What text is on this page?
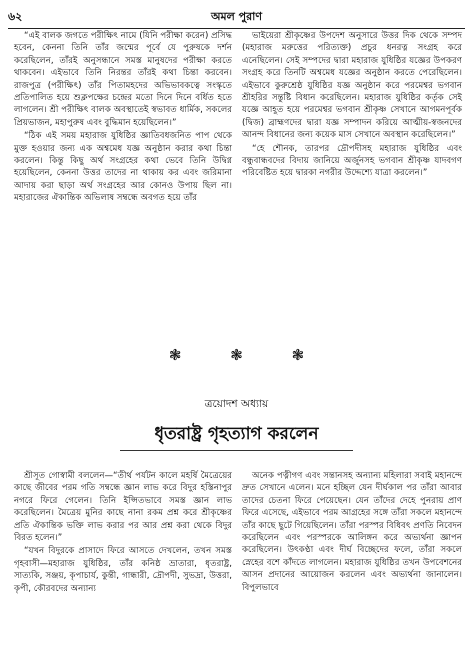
৬২	অমল পুরাণ

“এই বালক জগতে পরীক্ষিৎ নামে (যিনি পরীক্ষা করেন) প্রসিদ্ধ হবেন, কেননা তিনি তাঁর জন্মের পূর্বে যে পুরুষকে দর্শন করেছিলেন, তাঁরই অনুসন্ধানে সমস্ত মানুষদের পরীক্ষা করতে থাকবেন। এইভাবে তিনি নিরন্তর তাঁরই কথা চিন্তা করবেন। রাজপুত্র (পরীক্ষিৎ) তাঁর পিতামহদের অভিভাবকত্বে সংস্কৃতে প্রতিপালিত হয়ে শুক্লপক্ষের চন্দ্রের মতো দিনে দিনে বর্ধিত হতে লাগলেন। শ্রী পরীক্ষিৎ বালক অবস্থাতেই স্বভাবত ধার্মিক, সকলের প্রিয়ভাজন, মহাপুরুষ এবং বুদ্ধিমান হয়েছিলেন।”

“ঠিক এই সময় মহারাজ যুধিষ্ঠির জ্ঞাতিবধজনিত পাপ থেকে মুক্ত হওয়ার জন্য এক অশ্বমেধ যজ্ঞ অনুষ্ঠান করার কথা চিন্তা করলেন। কিন্তু কিছু অর্থ সংগ্রহের কথা ভেবে তিনি উদ্বিগ্ন হয়েছিলেন, কেননা উত্তর তাদের না থাকায় কর এবং জরিমানা আদায় করা ছাড়া অর্থ সংগ্রহের আর কোনও উপায় ছিল না। মহারাজের ঐকান্তিক অভিলাষ সম্বন্ধে অবগত হয়ে তাঁর

ভাইয়েরা শ্রীকৃষ্ণের উপদেশ অনুসারে উত্তর দিক থেকে সম্পদ (মহারাজ মরুত্তের পরিত্যক্ত) প্রচুর ধনরত্ন সংগ্রহ করে এনেছিলেন। সেই সম্পদের দ্বারা মহারাজ যুধিষ্ঠির যজ্ঞের উপকরণ সংগ্রহ করে তিনটি অশ্বমেধ যজ্ঞের অনুষ্ঠান করতে পেরেছিলেন। এইভাবে কুরুশ্রেষ্ঠ যুধিষ্ঠির যজ্ঞ অনুষ্ঠান করে পরমেশ্বর ভগবান শ্রীহরির সন্তুষ্টি বিধান করেছিলেন। মহারাজ যুধিষ্ঠির কর্তৃক সেই যজ্ঞে আহূত হয়ে পরমেশ্বর ভগবান শ্রীকৃষ্ণ সেখানে আগমনপূর্বক (দ্বিজ) ব্রাহ্মণদের দ্বারা যজ্ঞ সম্পাদন করিয়ে আত্মীয়-স্বজনদের আনন্দ বিধানের জন্য কয়েক মাস সেখানে অবস্থান করেছিলেন।”

“হে শৌনক, তারপর দ্রৌপদীসহ মহারাজ যুধিষ্ঠির এবং বন্ধুবান্ধবদের বিদায় জানিয়ে অর্জুনসহ ভগবান শ্রীকৃষ্ণ যাদবগণ পরিবেষ্টিত হয়ে দ্বারকা নগরীর উদ্দেশ্যে যাত্রা করলেন।”

❃	❃	❃
ত্রয়োদশ অধ্যায়
ধৃতরাষ্ট্র গৃহত্যাগ করলেন

শ্রীসূত গোস্বামী বললেন—“তীর্থ পর্যটন কালে মহর্ষি মৈত্রেয়ের কাছে জীবের পরম গতি সম্বন্ধে জ্ঞান লাভ করে বিদুর হস্তিনাপুর নগরে ফিরে গেলেন। তিনি ইপ্সিতভাবে সমস্ত জ্ঞান লাভ করেছিলেন। মৈত্রেয় মুনির কাছে নানা রকম প্রশ্ন করে শ্রীকৃষ্ণের প্রতি ঐকান্তিক ভক্তি লাভ করার পর আর প্রশ্ন করা থেকে বিদুর বিরত হলেন।”

“যখন বিদুরকে প্রাসাদে ফিরে আসতে দেখলেন, তখন সমস্ত গৃহবাসী—মহারাজ যুধিষ্ঠির, তাঁর কনিষ্ঠ ভ্রাতারা, ধৃতরাষ্ট্র, সাত্যকি, সঞ্জয়, কৃপাচার্য, কুন্তী, গান্ধারী, দ্রৌপদী, সুভদ্রা, উত্তরা, কৃপী, কৌরবদের অন্যান্য

অনেক পত্নীগণ এবং সন্তানসহ অন্যান্য মহিলারা সবাই মহানন্দে দ্রুত সেখানে এলেন। মনে হচ্ছিল যেন দীর্ঘকাল পর তাঁরা আবার তাদের চেতনা ফিরে পেয়েছেন। যেন তাঁদের দেহে পুনরায় প্রাণ ফিরে এসেছে, এইভাবে পরম আগ্রহের সঙ্গে তাঁরা সকলে মহানন্দে তাঁর কাছে ছুটে গিয়েছিলেন। তাঁরা পরস্পর বিধিবৎ প্রণতি নিবেদন করেছিলেন এবং পরস্পরকে আলিঙ্গন করে অভ্যর্থনা জ্ঞাপন করেছিলেন। উৎকণ্ঠা এবং দীর্ঘ বিচ্ছেদের ফলে, তাঁরা সকলে স্নেহের বশে কাঁদতে লাগলেন। মহারাজ যুধিষ্ঠির তখন উপবেশনের আসন প্রদানের আয়োজন করলেন এবং অভ্যর্থনা জানালেন। বিপুলভাবে
